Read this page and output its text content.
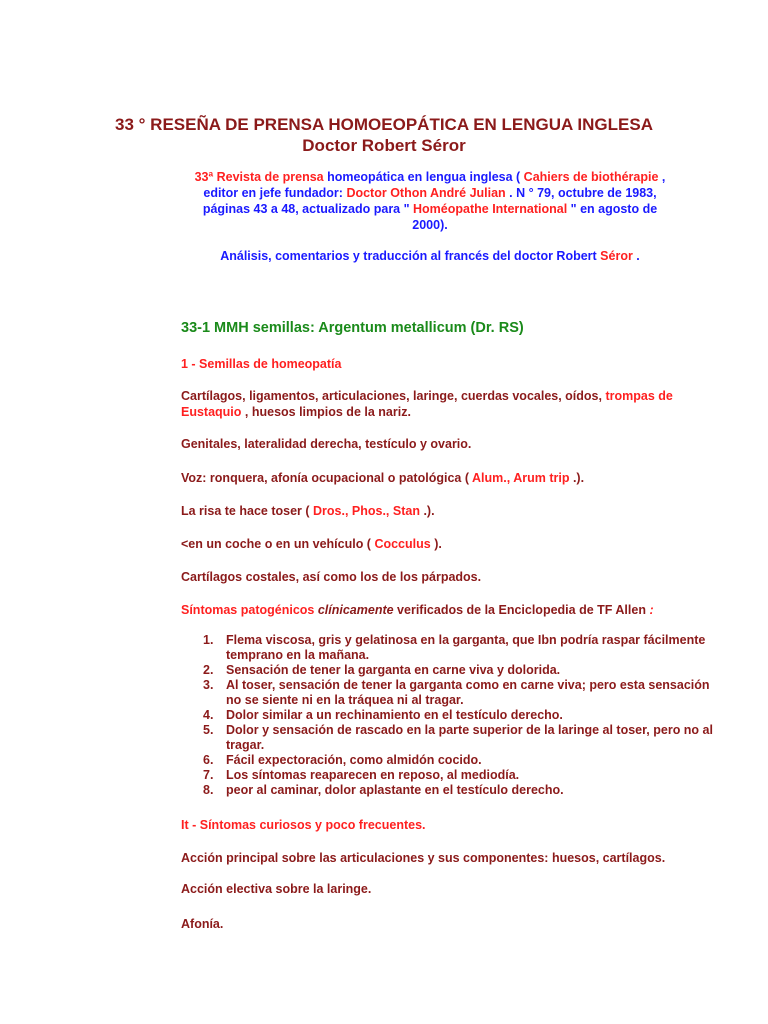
33 ° RESEÑA DE PRENSA HOMOEOPÁTICA EN LENGUA INGLESA
Doctor Robert Séror
33ª Revista de prensa homeopática en lengua inglesa ( Cahiers de biothérapie ,
editor en jefe fundador: Doctor Othon André Julian . N ° 79, octubre de 1983, páginas 43 a 48, actualizado para " Homéopathe International " en agosto de 2000).
Análisis, comentarios y traducción al francés del doctor Robert Séror .
33-1 MMH semillas: Argentum metallicum (Dr. RS)

1 - Semillas de homeopatía

Cartílagos, ligamentos, articulaciones, laringe, cuerdas vocales, oídos, trompas de Eustaquio , huesos limpios de la nariz.

Genitales, lateralidad derecha, testículo y ovario.

Voz: ronquera, afonía ocupacional o patológica ( Alum., Arum trip .).

La risa te hace toser ( Dros., Phos., Stan .).

<en un coche o en un vehículo ( Cocculus ).

Cartílagos costales, así como los de los párpados.

Síntomas patogénicos clínicamente verificados de la Enciclopedia de TF Allen :

1. Flema viscosa, gris y gelatinosa en la garganta, que Ibn podría raspar fácilmente temprano en la mañana.
2. Sensación de tener la garganta en carne viva y dolorida.
3. Al toser, sensación de tener la garganta como en carne viva; pero esta sensación no se siente ni en la tráquea ni al tragar.
4. Dolor similar a un rechinamiento en el testículo derecho.
5. Dolor y sensación de rascado en la parte superior de la laringe al toser, pero no al tragar.
6. Fácil expectoración, como almidón cocido.
7. Los síntomas reaparecen en reposo, al mediodía.
8. peor al caminar, dolor aplastante en el testículo derecho.

It - Síntomas curiosos y poco frecuentes.

Acción principal sobre las articulaciones y sus componentes: huesos, cartílagos.

Acción electiva sobre la laringe.

Afonía.
